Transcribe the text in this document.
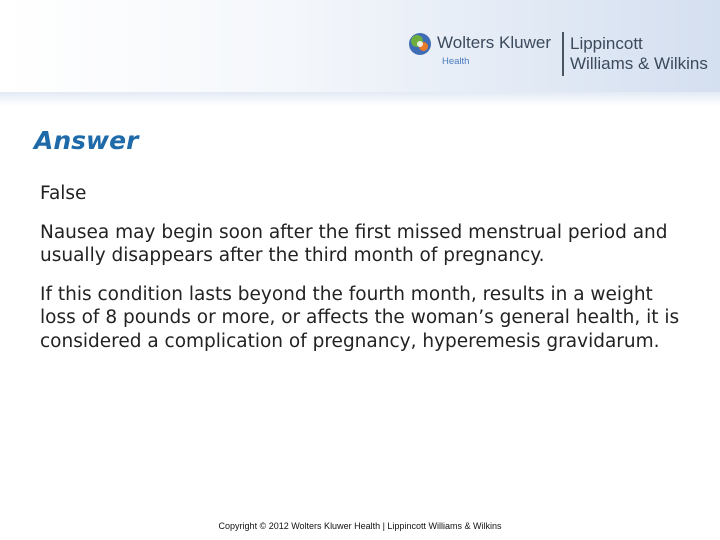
Wolters Kluwer
Health
Lippincott
Williams & Wilkins
Answer

False

Nausea may begin soon after the first missed menstrual period and usually disappears after the third month of pregnancy.

If this condition lasts beyond the fourth month, results in a weight loss of 8 pounds or more, or affects the woman’s general health, it is considered a complication of pregnancy, hyperemesis gravidarum.

Copyright © 2012 Wolters Kluwer Health | Lippincott Williams & Wilkins
